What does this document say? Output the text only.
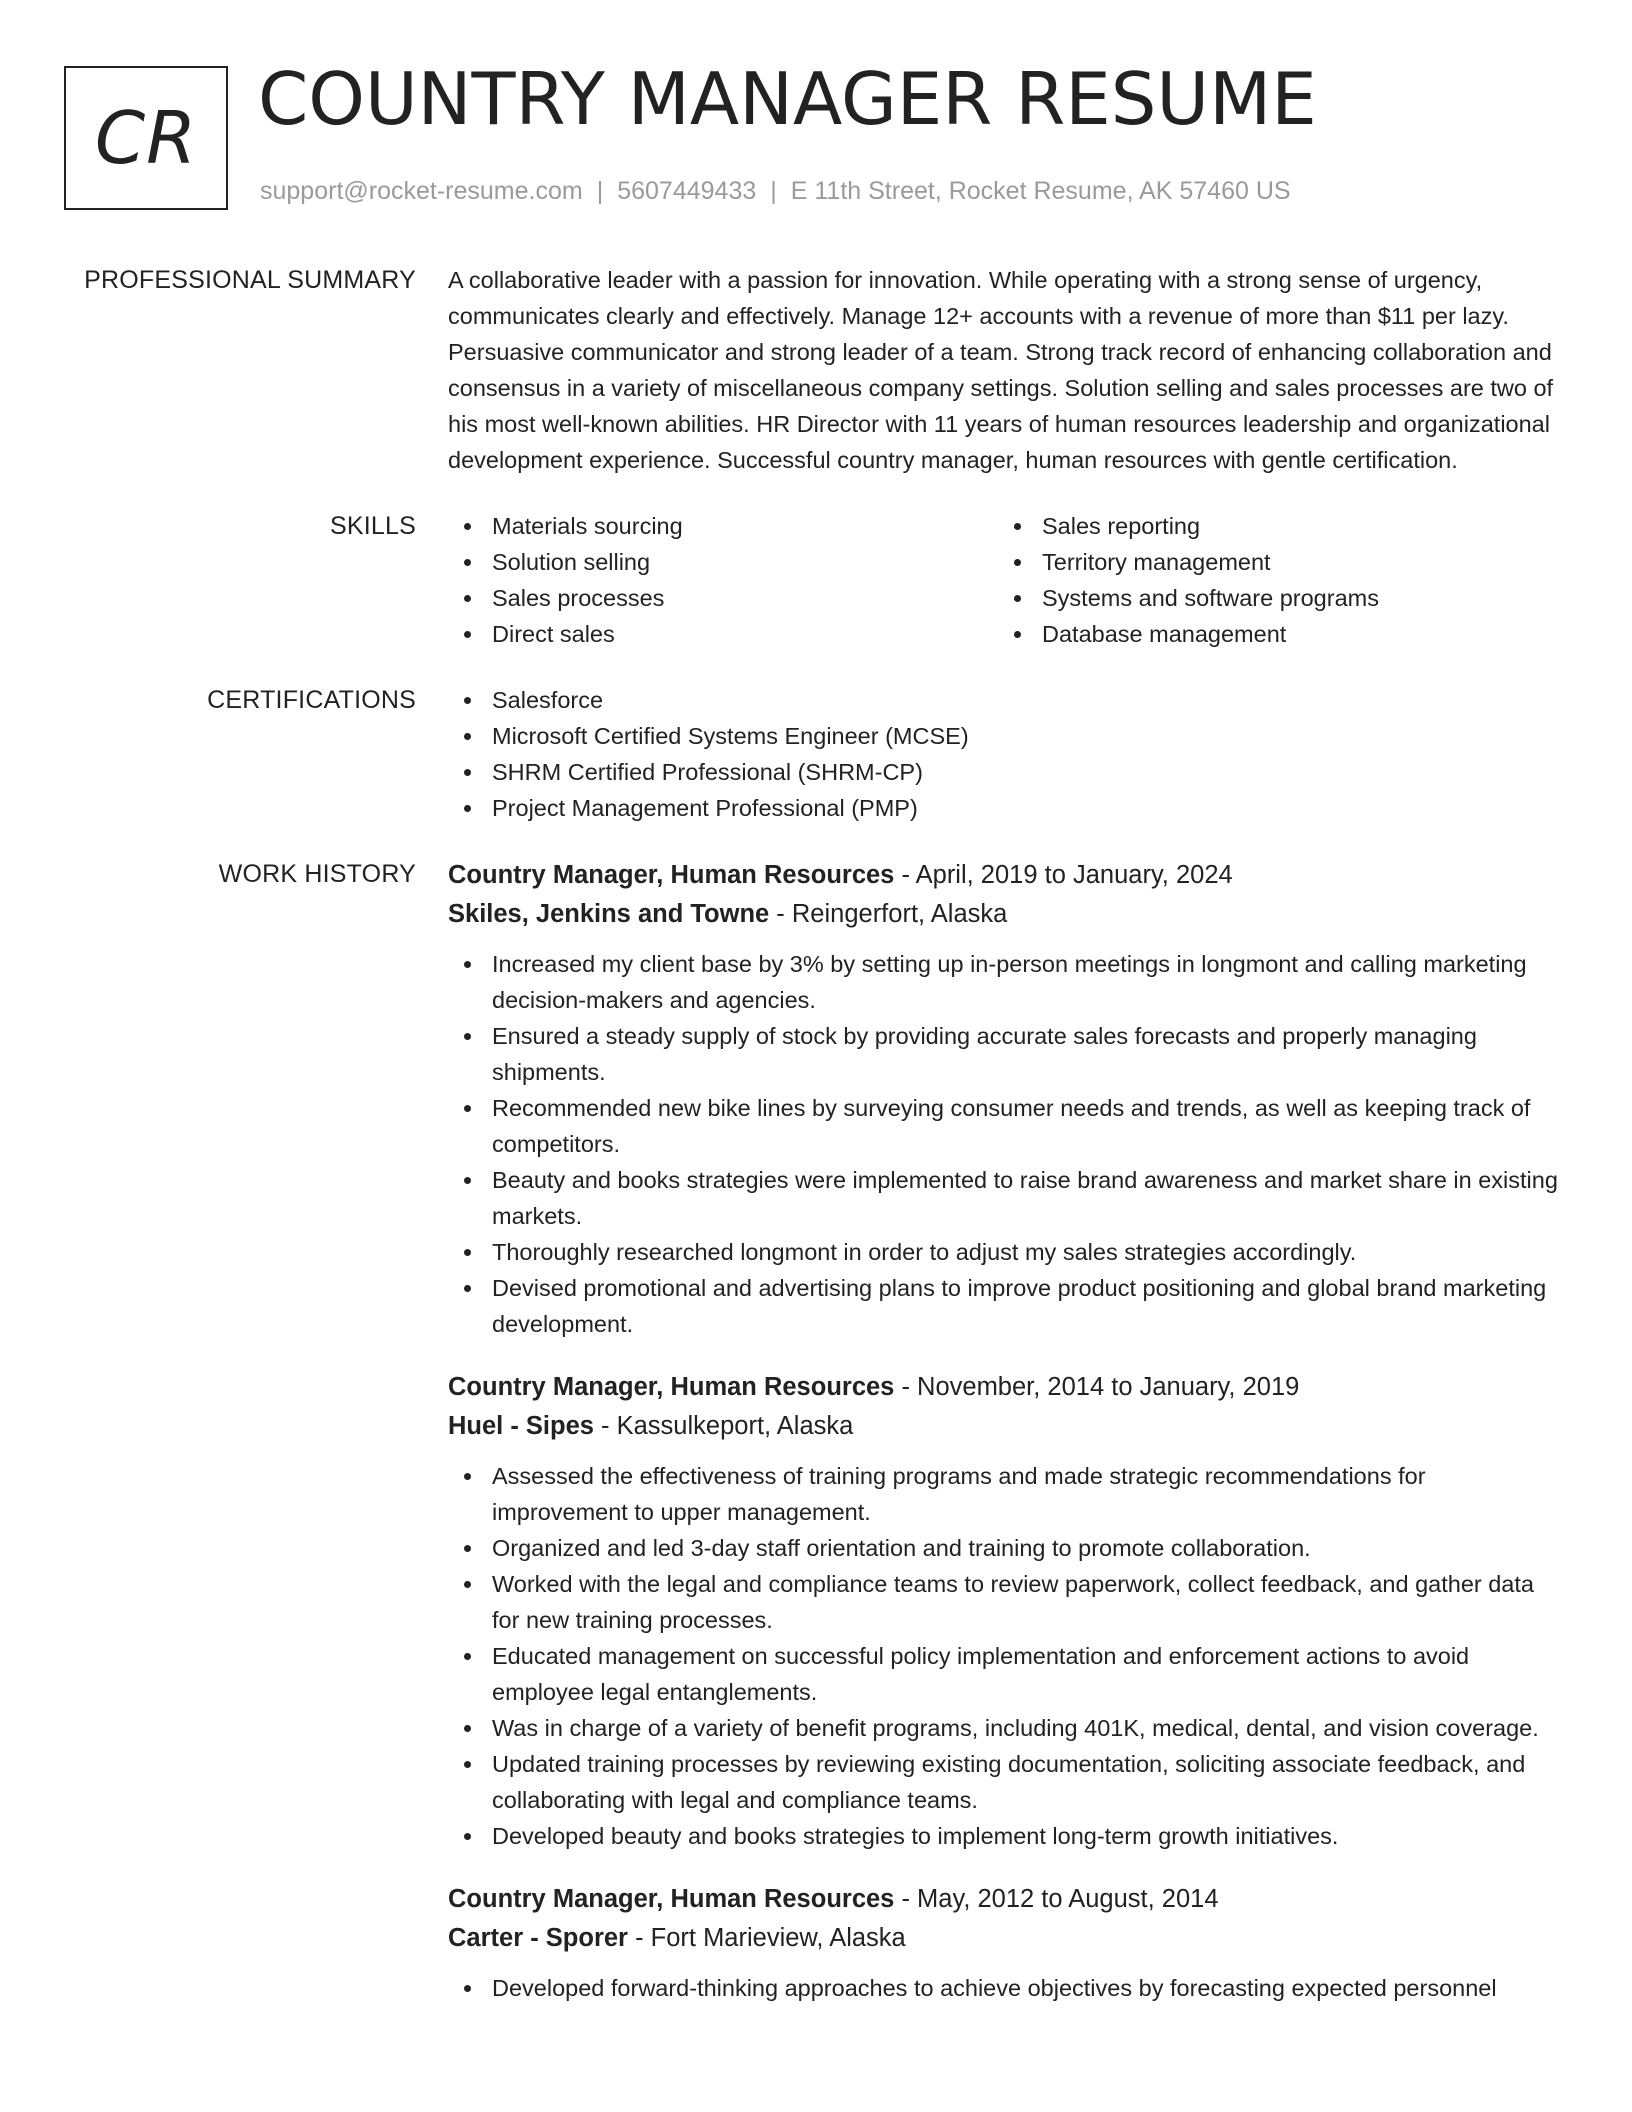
CR COUNTRY MANAGER RESUME
support@rocket-resume.com | 5607449433 | E 11th Street, Rocket Resume, AK 57460 US
PROFESSIONAL SUMMARY A collaborative leader with a passion for innovation. While operating with a strong sense of urgency, communicates clearly and effectively. Manage 12+ accounts with a revenue of more than $11 per lazy. Persuasive communicator and strong leader of a team. Strong track record of enhancing collaboration and consensus in a variety of miscellaneous company settings. Solution selling and sales processes are two of his most well-known abilities. HR Director with 11 years of human resources leadership and organizational development experience. Successful country manager, human resources with gentle certification.
SKILLS	Materials sourcing
Solution selling
Sales processes
Direct sales
Sales reporting
Territory management
Systems and software programs
Database management
CERTIFICATIONS	Salesforce
Microsoft Certified Systems Engineer (MCSE)
SHRM Certified Professional (SHRM-CP)
Project Management Professional (PMP)
WORK HISTORY Country Manager, Human Resources - April, 2019 to January, 2024
Skiles, Jenkins and Towne - Reingerfort, Alaska
Increased my client base by 3% by setting up in-person meetings in longmont and calling marketing decision-makers and agencies.
Ensured a steady supply of stock by providing accurate sales forecasts and properly managing shipments.
Recommended new bike lines by surveying consumer needs and trends, as well as keeping track of competitors.
Beauty and books strategies were implemented to raise brand awareness and market share in existing markets.
Thoroughly researched longmont in order to adjust my sales strategies accordingly.
Devised promotional and advertising plans to improve product positioning and global brand marketing development.
Country Manager, Human Resources - November, 2014 to January, 2019
Huel - Sipes - Kassulkeport, Alaska
Assessed the effectiveness of training programs and made strategic recommendations for improvement to upper management.
Organized and led 3-day staff orientation and training to promote collaboration.
Worked with the legal and compliance teams to review paperwork, collect feedback, and gather data for new training processes.
Educated management on successful policy implementation and enforcement actions to avoid employee legal entanglements.
Was in charge of a variety of benefit programs, including 401K, medical, dental, and vision coverage.
Updated training processes by reviewing existing documentation, soliciting associate feedback, and collaborating with legal and compliance teams.
Developed beauty and books strategies to implement long-term growth initiatives.
Country Manager, Human Resources - May, 2012 to August, 2014
Carter - Sporer - Fort Marieview, Alaska
Developed forward-thinking approaches to achieve objectives by forecasting expected personnel
